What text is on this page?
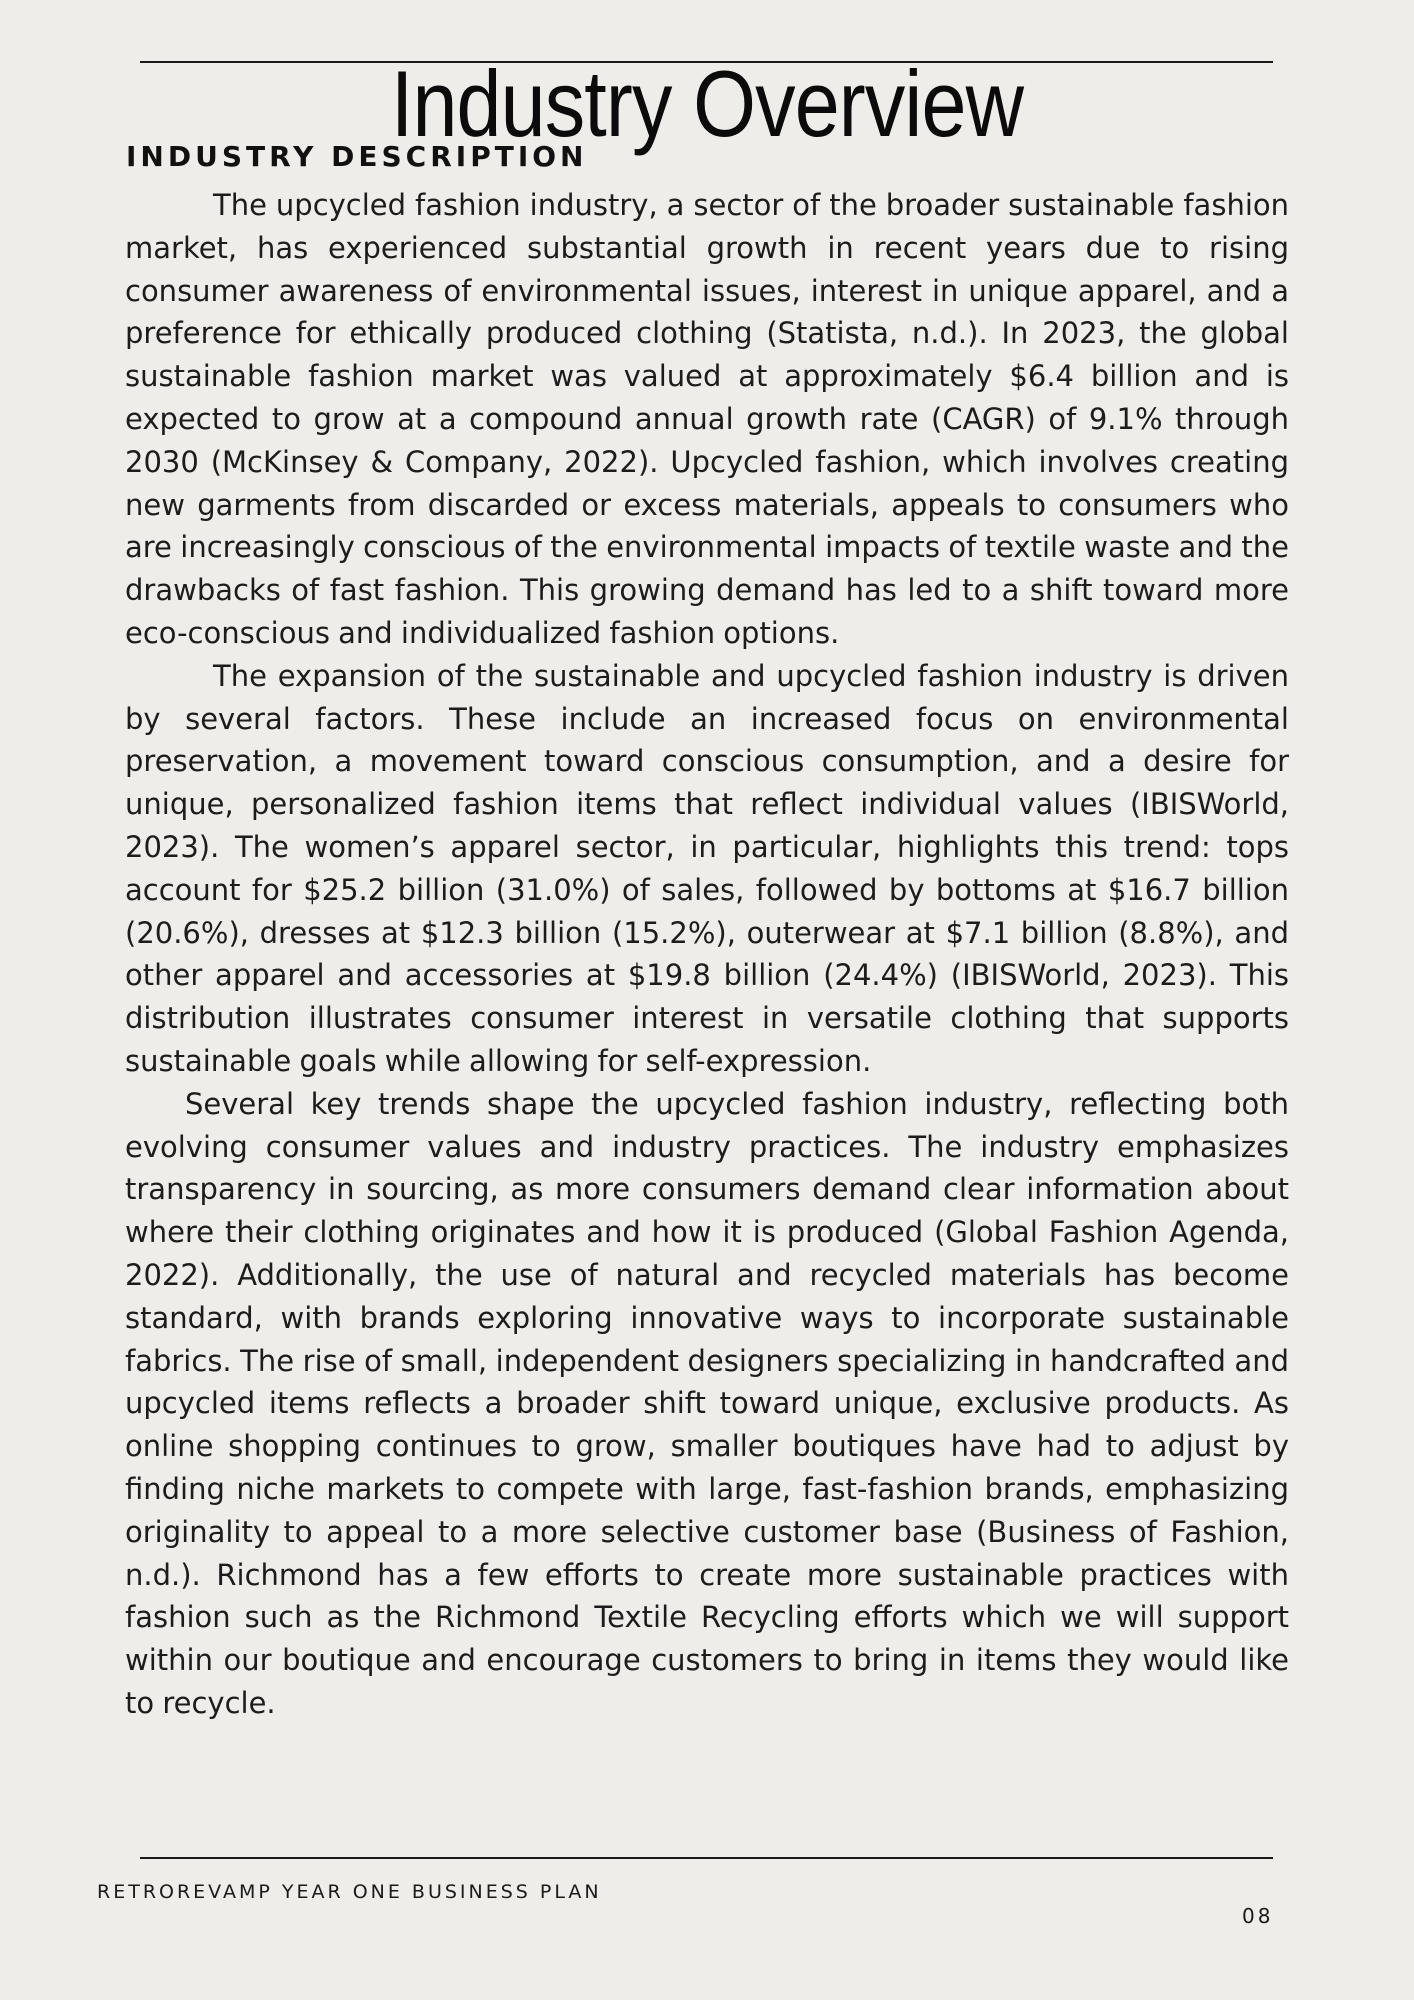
Industry Overview
INDUSTRY DESCRIPTION

The upcycled fashion industry, a sector of the broader sustainable fashion market, has experienced substantial growth in recent years due to rising consumer awareness of environmental issues, interest in unique apparel, and a preference for ethically produced clothing (Statista, n.d.). In 2023, the global sustainable fashion market was valued at approximately $6.4 billion and is expected to grow at a compound annual growth rate (CAGR) of 9.1% through 2030 (McKinsey & Company, 2022). Upcycled fashion, which involves creating new garments from discarded or excess materials, appeals to consumers who are increasingly conscious of the environmental impacts of textile waste and the drawbacks of fast fashion. This growing demand has led to a shift toward more eco-conscious and individualized fashion options.

The expansion of the sustainable and upcycled fashion industry is driven by several factors. These include an increased focus on environmental preservation, a movement toward conscious consumption, and a desire for unique, personalized fashion items that reflect individual values (IBISWorld, 2023). The women’s apparel sector, in particular, highlights this trend: tops account for $25.2 billion (31.0%) of sales, followed by bottoms at $16.7 billion (20.6%), dresses at $12.3 billion (15.2%), outerwear at $7.1 billion (8.8%), and other apparel and accessories at $19.8 billion (24.4%) (IBISWorld, 2023). This distribution illustrates consumer interest in versatile clothing that supports sustainable goals while allowing for self-expression.

Several key trends shape the upcycled fashion industry, reflecting both evolving consumer values and industry practices. The industry emphasizes transparency in sourcing, as more consumers demand clear information about where their clothing originates and how it is produced (Global Fashion Agenda, 2022). Additionally, the use of natural and recycled materials has become standard, with brands exploring innovative ways to incorporate sustainable fabrics. The rise of small, independent designers specializing in handcrafted and upcycled items reflects a broader shift toward unique, exclusive products. As online shopping continues to grow, smaller boutiques have had to adjust by finding niche markets to compete with large, fast-fashion brands, emphasizing originality to appeal to a more selective customer base (Business of Fashion, n.d.). Richmond has a few efforts to create more sustainable practices with fashion such as the Richmond Textile Recycling efforts which we will support within our boutique and encourage customers to bring in items they would like to recycle.

RETROREVAMP YEAR ONE BUSINESS PLAN
08
